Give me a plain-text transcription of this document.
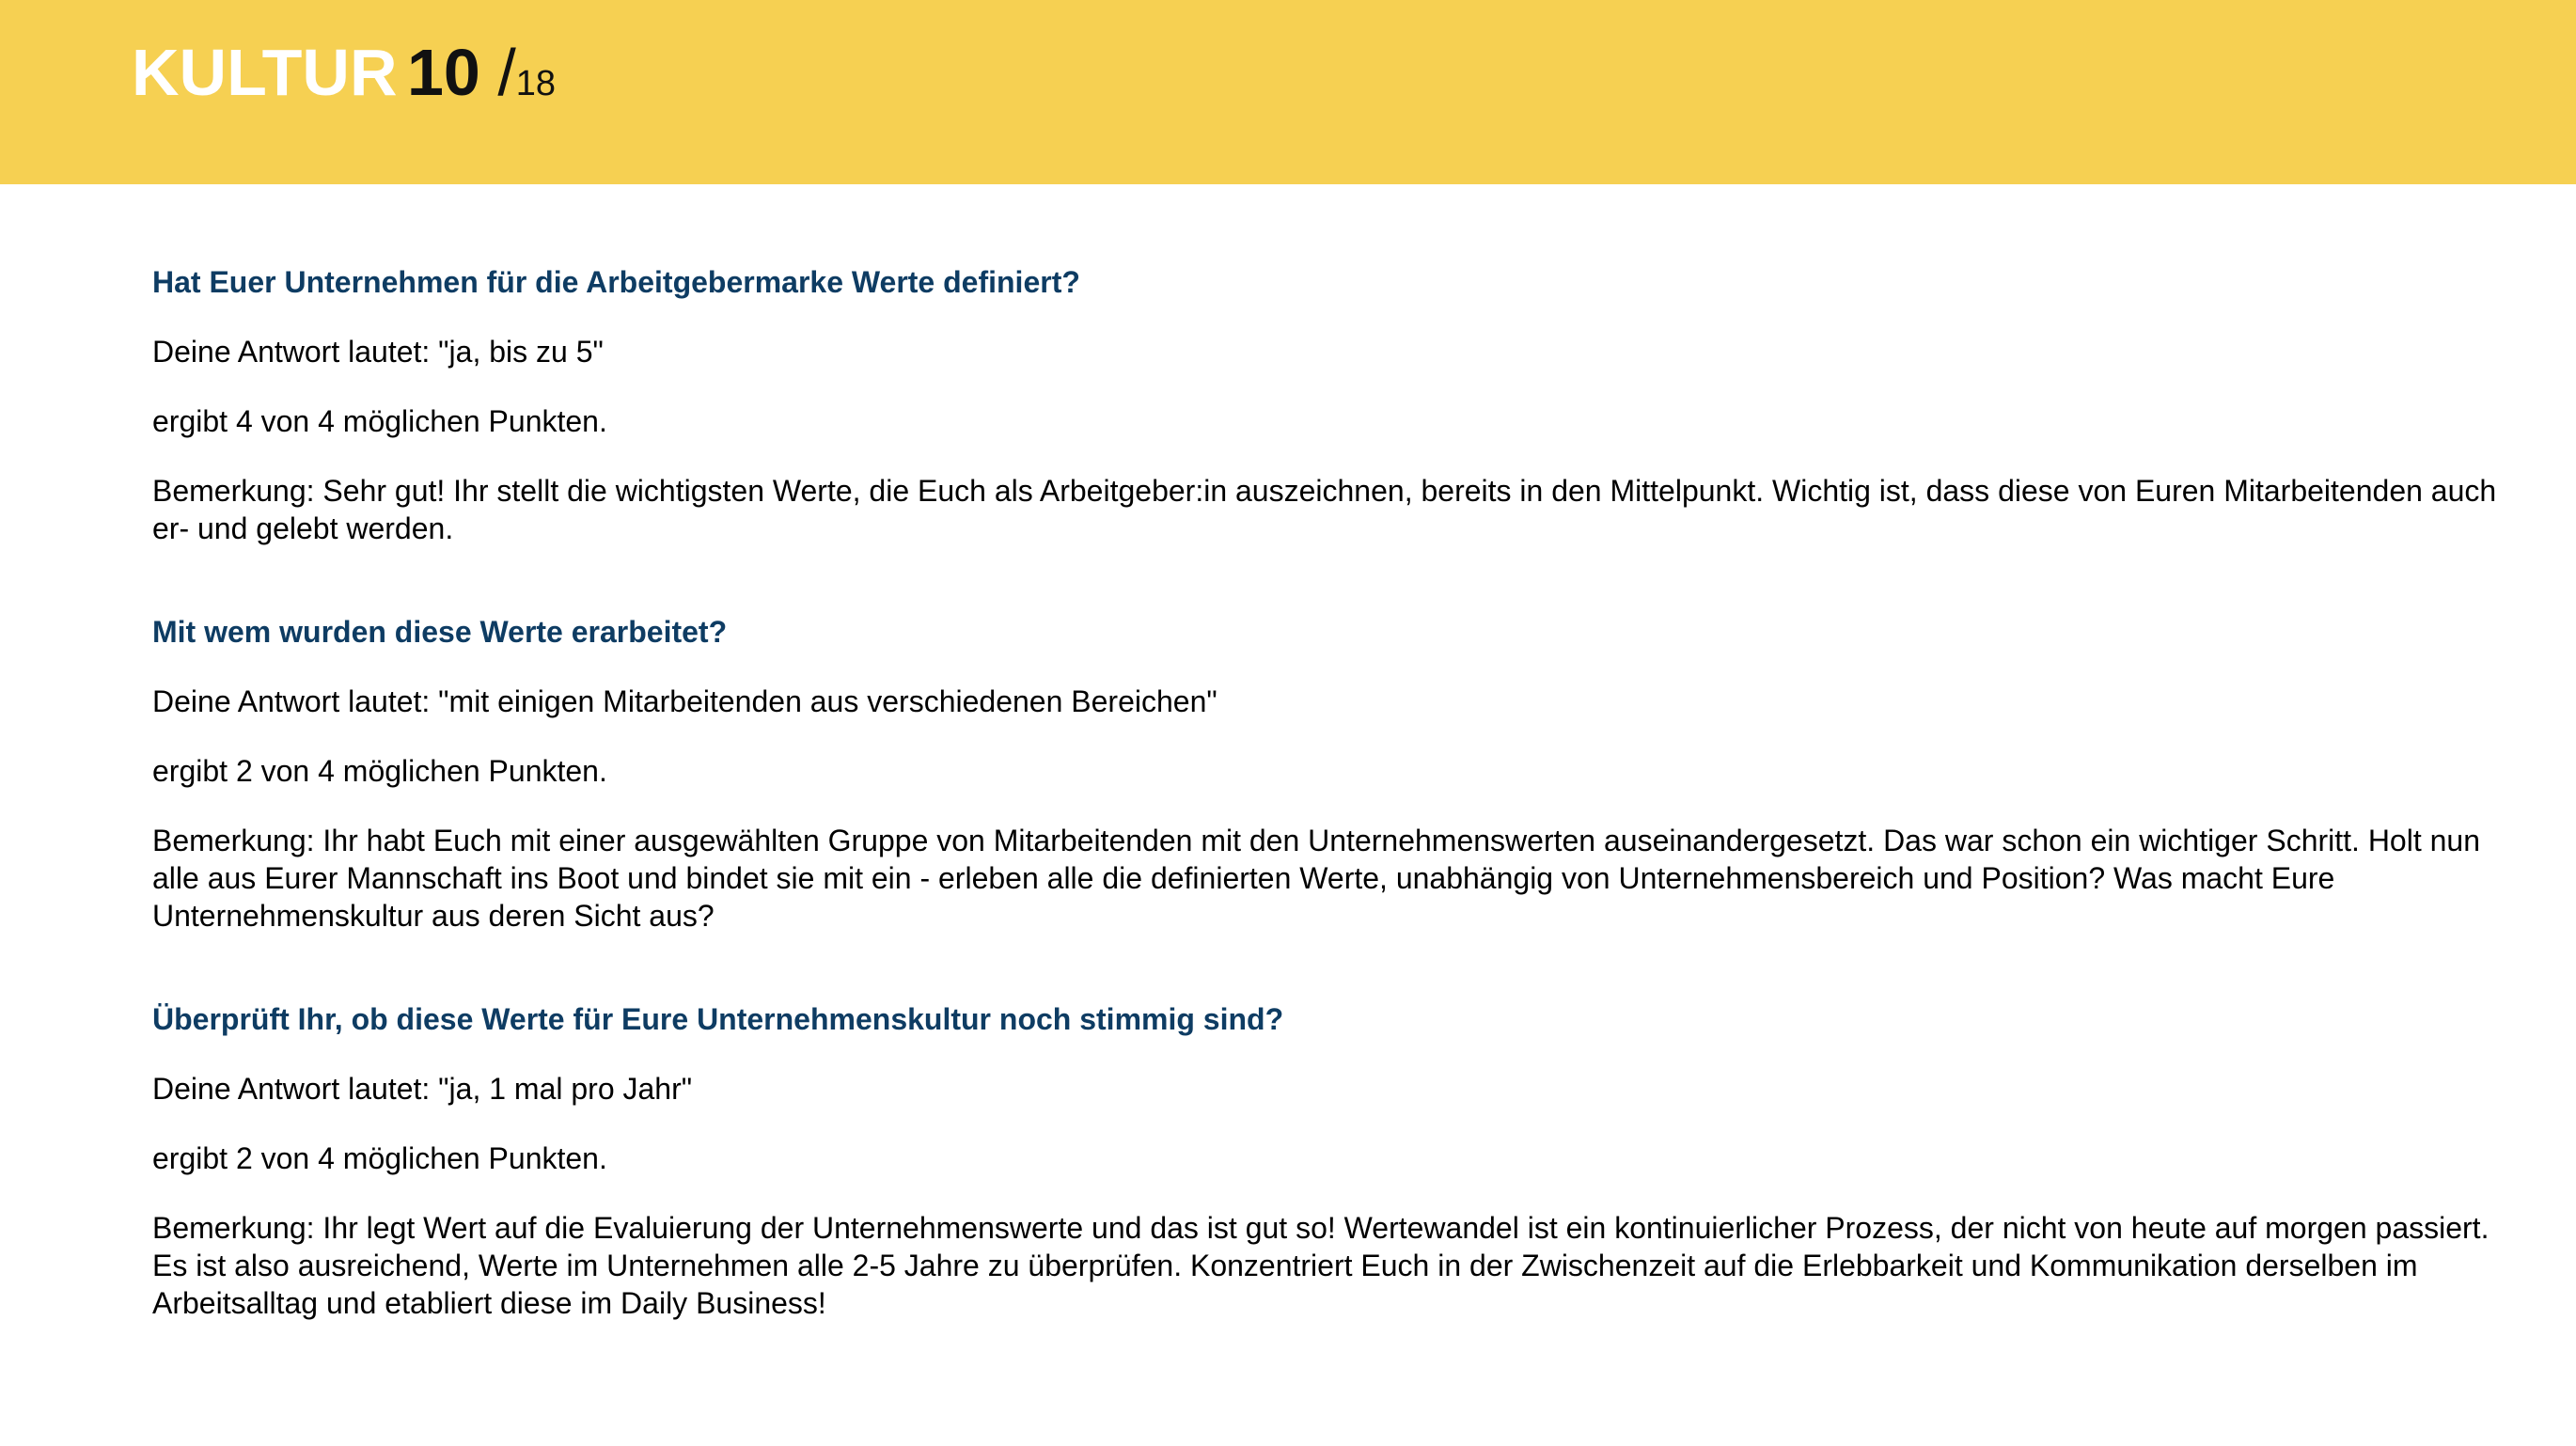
KULTUR 10 /18

Hat Euer Unternehmen für die Arbeitgebermarke Werte definiert?

Deine Antwort lautet: "ja, bis zu 5"

ergibt 4 von 4 möglichen Punkten.

Bemerkung: Sehr gut! Ihr stellt die wichtigsten Werte, die Euch als Arbeitgeber:in auszeichnen, bereits in den Mittelpunkt. Wichtig ist, dass diese von Euren Mitarbeitenden auch er- und gelebt werden.

Mit wem wurden diese Werte erarbeitet?

Deine Antwort lautet: "mit einigen Mitarbeitenden aus verschiedenen Bereichen"

ergibt 2 von 4 möglichen Punkten.

Bemerkung: Ihr habt Euch mit einer ausgewählten Gruppe von Mitarbeitenden mit den Unternehmenswerten auseinandergesetzt. Das war schon ein wichtiger Schritt. Holt nun alle aus Eurer Mannschaft ins Boot und bindet sie mit ein - erleben alle die definierten Werte, unabhängig von Unternehmensbereich und Position? Was macht Eure Unternehmenskultur aus deren Sicht aus?

Überprüft Ihr, ob diese Werte für Eure Unternehmenskultur noch stimmig sind?

Deine Antwort lautet: "ja, 1 mal pro Jahr"

ergibt 2 von 4 möglichen Punkten.

Bemerkung: Ihr legt Wert auf die Evaluierung der Unternehmenswerte und das ist gut so! Wertewandel ist ein kontinuierlicher Prozess, der nicht von heute auf morgen passiert. Es ist also ausreichend, Werte im Unternehmen alle 2-5 Jahre zu überprüfen. Konzentriert Euch in der Zwischenzeit auf die Erlebbarkeit und Kommunikation derselben im Arbeitsalltag und etabliert diese im Daily Business!
